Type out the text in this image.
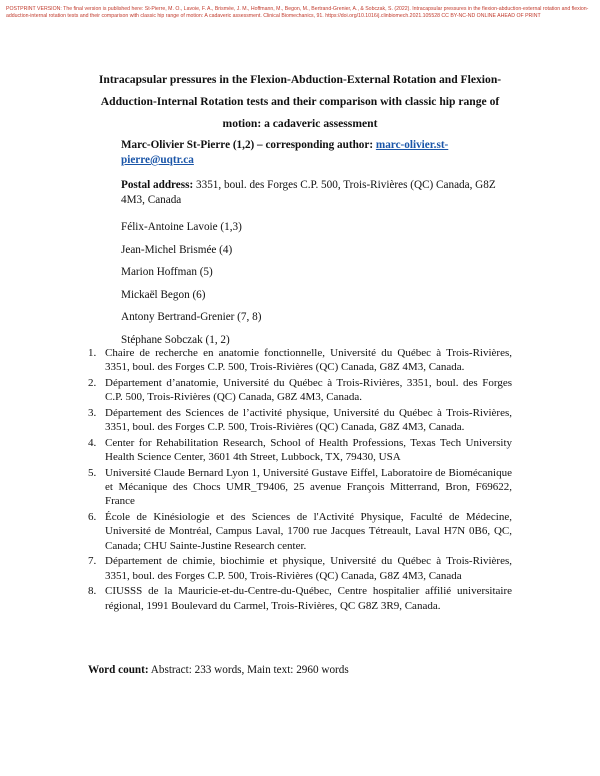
POSTPRINT VERSION: The final version is published here: St-Pierre, M. O., Lavoie, F. A., Brismée, J. M., Hoffmann, M., Begon, M., Bertrand-Grenier, A., & Sobczak, S. (2022). Intracapsular pressures in the flexion-abduction-external rotation and flexion-adduction-internal rotation tests and their comparison with classic hip range of motion: A cadaveric assessment. Clinical Biomechanics, 91. https://doi.org/10.1016/j.clinbiomech.2021.105528 CC BY-NC-ND ONLINE AHEAD OF PRINT
Intracapsular pressures in the Flexion-Abduction-External Rotation and Flexion-Adduction-Internal Rotation tests and their comparison with classic hip range of motion: a cadaveric assessment

Marc-Olivier St-Pierre (1,2) – corresponding author: marc-olivier.st-pierre@uqtr.ca

Postal address: 3351, boul. des Forges C.P. 500, Trois-Rivières (QC) Canada, G8Z 4M3, Canada

Félix-Antoine Lavoie (1,3)
Jean-Michel Brismée (4)
Marion Hoffman (5)
Mickaël Begon (6)
Antony Bertrand-Grenier (7, 8)
Stéphane Sobczak (1, 2)
1. Chaire de recherche en anatomie fonctionnelle, Université du Québec à Trois-Rivières, 3351, boul. des Forges C.P. 500, Trois-Rivières (QC) Canada, G8Z 4M3, Canada.
2. Département d’anatomie, Université du Québec à Trois-Rivières, 3351, boul. des Forges C.P. 500, Trois-Rivières (QC) Canada, G8Z 4M3, Canada.
3. Département des Sciences de l’activité physique, Université du Québec à Trois-Rivières, 3351, boul. des Forges C.P. 500, Trois-Rivières (QC) Canada, G8Z 4M3, Canada.
4. Center for Rehabilitation Research, School of Health Professions, Texas Tech University Health Science Center, 3601 4th Street, Lubbock, TX, 79430, USA
5. Université Claude Bernard Lyon 1, Université Gustave Eiffel, Laboratoire de Biomécanique et Mécanique des Chocs UMR_T9406, 25 avenue François Mitterrand, Bron, F69622, France
6. École de Kinésiologie et des Sciences de l'Activité Physique, Faculté de Médecine, Université de Montréal, Campus Laval, 1700 rue Jacques Tétreault, Laval H7N 0B6, QC, Canada; CHU Sainte-Justine Research center.
7. Département de chimie, biochimie et physique, Université du Québec à Trois-Rivières, 3351, boul. des Forges C.P. 500, Trois-Rivières (QC) Canada, G8Z 4M3, Canada
8. CIUSSS de la Mauricie-et-du-Centre-du-Québec, Centre hospitalier affilié universitaire régional, 1991 Boulevard du Carmel, Trois-Rivières, QC G8Z 3R9, Canada.
Word count: Abstract: 233 words, Main text: 2960 words
